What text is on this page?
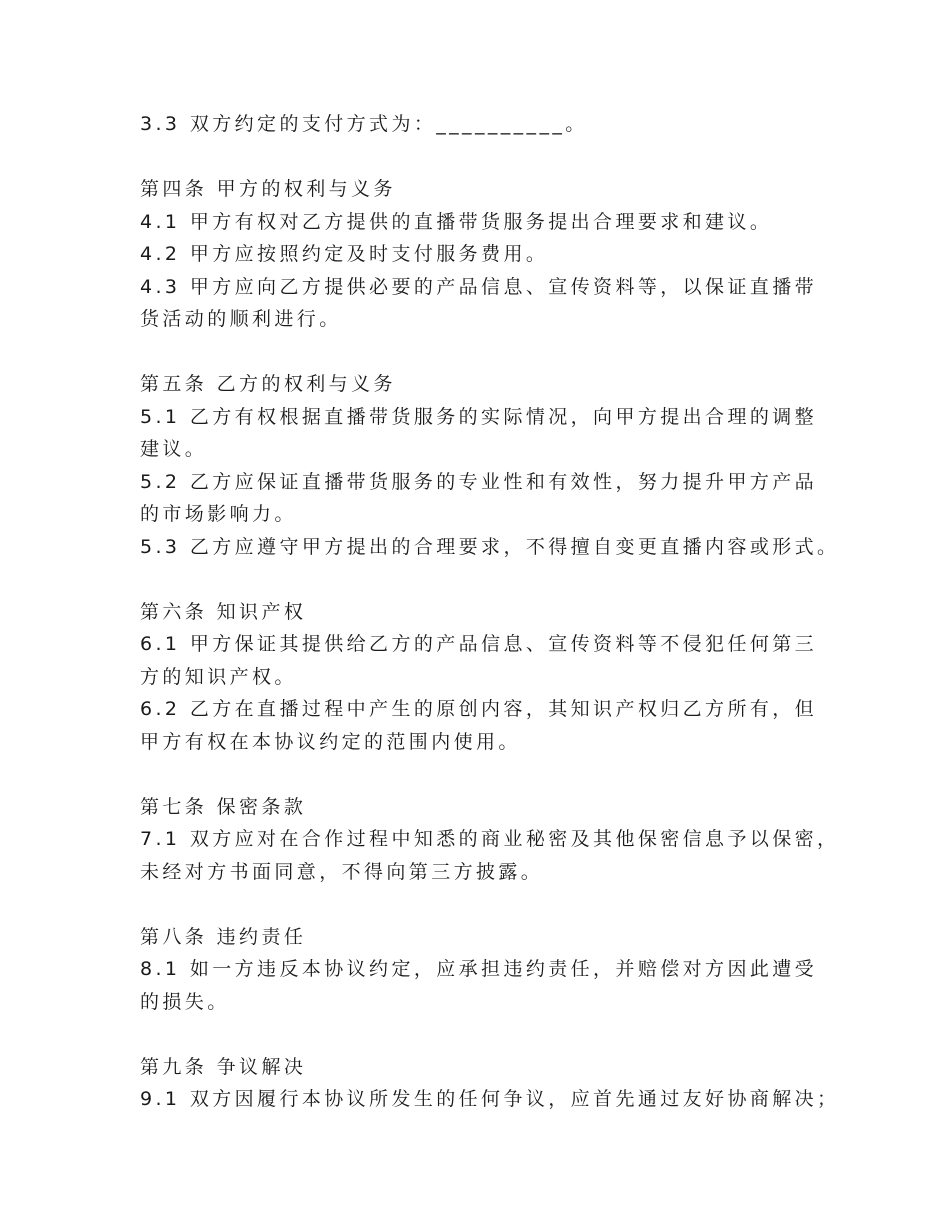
3.3 双方约定的支付方式为：__________。
第四条 甲方的权利与义务
4.1 甲方有权对乙方提供的直播带货服务提出合理要求和建议。
4.2 甲方应按照约定及时支付服务费用。
4.3 甲方应向乙方提供必要的产品信息、宣传资料等，以保证直播带
货活动的顺利进行。
第五条 乙方的权利与义务
5.1 乙方有权根据直播带货服务的实际情况，向甲方提出合理的调整
建议。
5.2 乙方应保证直播带货服务的专业性和有效性，努力提升甲方产品
的市场影响力。
5.3 乙方应遵守甲方提出的合理要求，不得擅自变更直播内容或形式。
第六条 知识产权
6.1 甲方保证其提供给乙方的产品信息、宣传资料等不侵犯任何第三
方的知识产权。
6.2 乙方在直播过程中产生的原创内容，其知识产权归乙方所有，但
甲方有权在本协议约定的范围内使用。
第七条 保密条款
7.1 双方应对在合作过程中知悉的商业秘密及其他保密信息予以保密，
未经对方书面同意，不得向第三方披露。
第八条 违约责任
8.1 如一方违反本协议约定，应承担违约责任，并赔偿对方因此遭受
的损失。
第九条 争议解决
9.1 双方因履行本协议所发生的任何争议，应首先通过友好协商解决；
